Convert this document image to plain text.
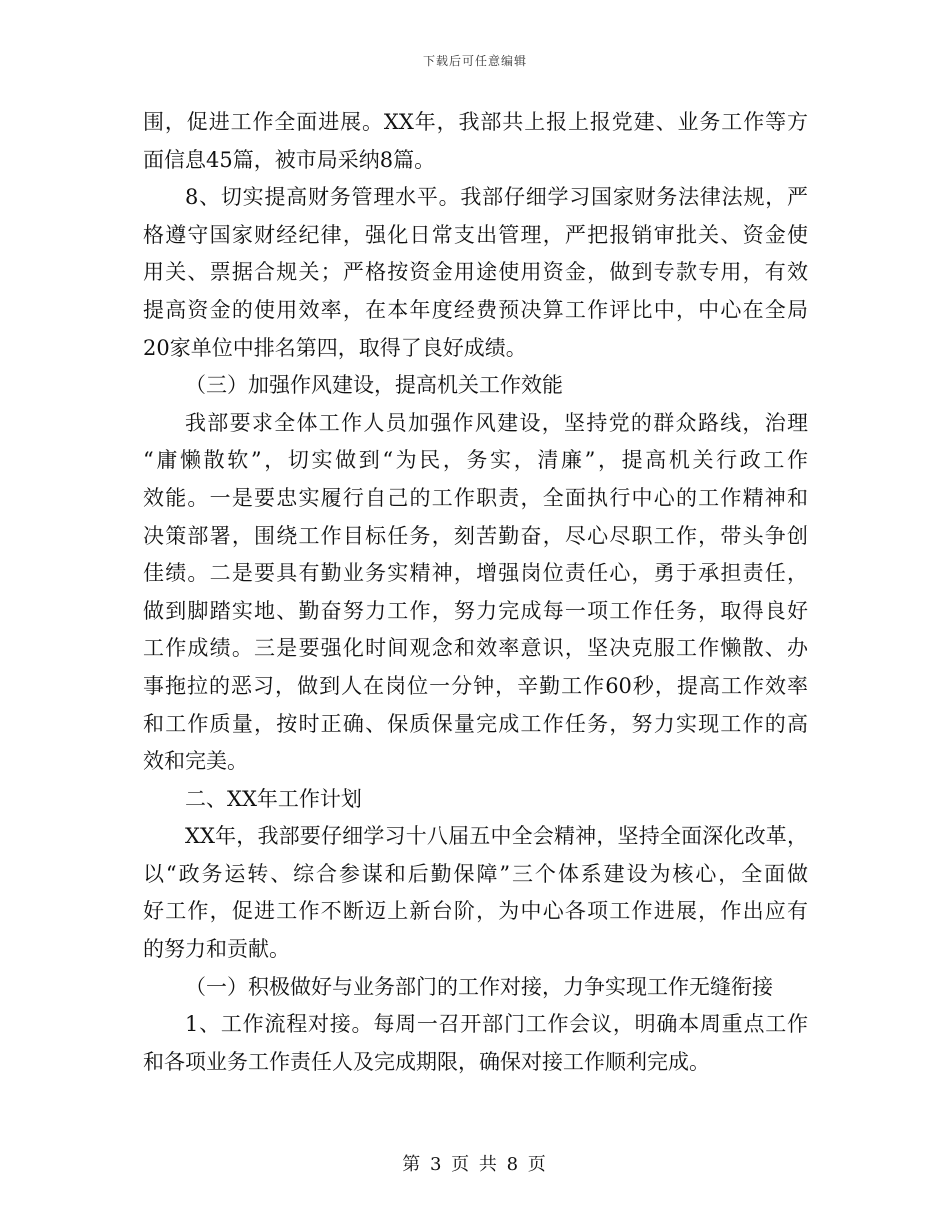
下载后可任意编辑
围，促进工作全面进展。XX年，我部共上报上报党建、业务工作等方
面信息45篇，被市局采纳8篇。
8、切实提高财务管理水平。我部仔细学习国家财务法律法规，严
格遵守国家财经纪律，强化日常支出管理，严把报销审批关、资金使
用关、票据合规关；严格按资金用途使用资金，做到专款专用，有效
提高资金的使用效率，在本年度经费预决算工作评比中，中心在全局
20家单位中排名第四，取得了良好成绩。
（三）加强作风建设，提高机关工作效能
我部要求全体工作人员加强作风建设，坚持党的群众路线，治理
“庸懒散软”，切实做到“为民，务实，清廉”，提高机关行政工作
效能。一是要忠实履行自己的工作职责，全面执行中心的工作精神和
决策部署，围绕工作目标任务，刻苦勤奋，尽心尽职工作，带头争创
佳绩。二是要具有勤业务实精神，增强岗位责任心，勇于承担责任，
做到脚踏实地、勤奋努力工作，努力完成每一项工作任务，取得良好
工作成绩。三是要强化时间观念和效率意识，坚决克服工作懒散、办
事拖拉的恶习，做到人在岗位一分钟，辛勤工作60秒，提高工作效率
和工作质量，按时正确、保质保量完成工作任务，努力实现工作的高
效和完美。
二、XX年工作计划
XX年，我部要仔细学习十八届五中全会精神，坚持全面深化改革，
以“政务运转、综合参谋和后勤保障”三个体系建设为核心，全面做
好工作，促进工作不断迈上新台阶，为中心各项工作进展，作出应有
的努力和贡献。
（一）积极做好与业务部门的工作对接，力争实现工作无缝衔接
1、工作流程对接。每周一召开部门工作会议，明确本周重点工作
和各项业务工作责任人及完成期限，确保对接工作顺利完成。
第 3 页 共 8 页
